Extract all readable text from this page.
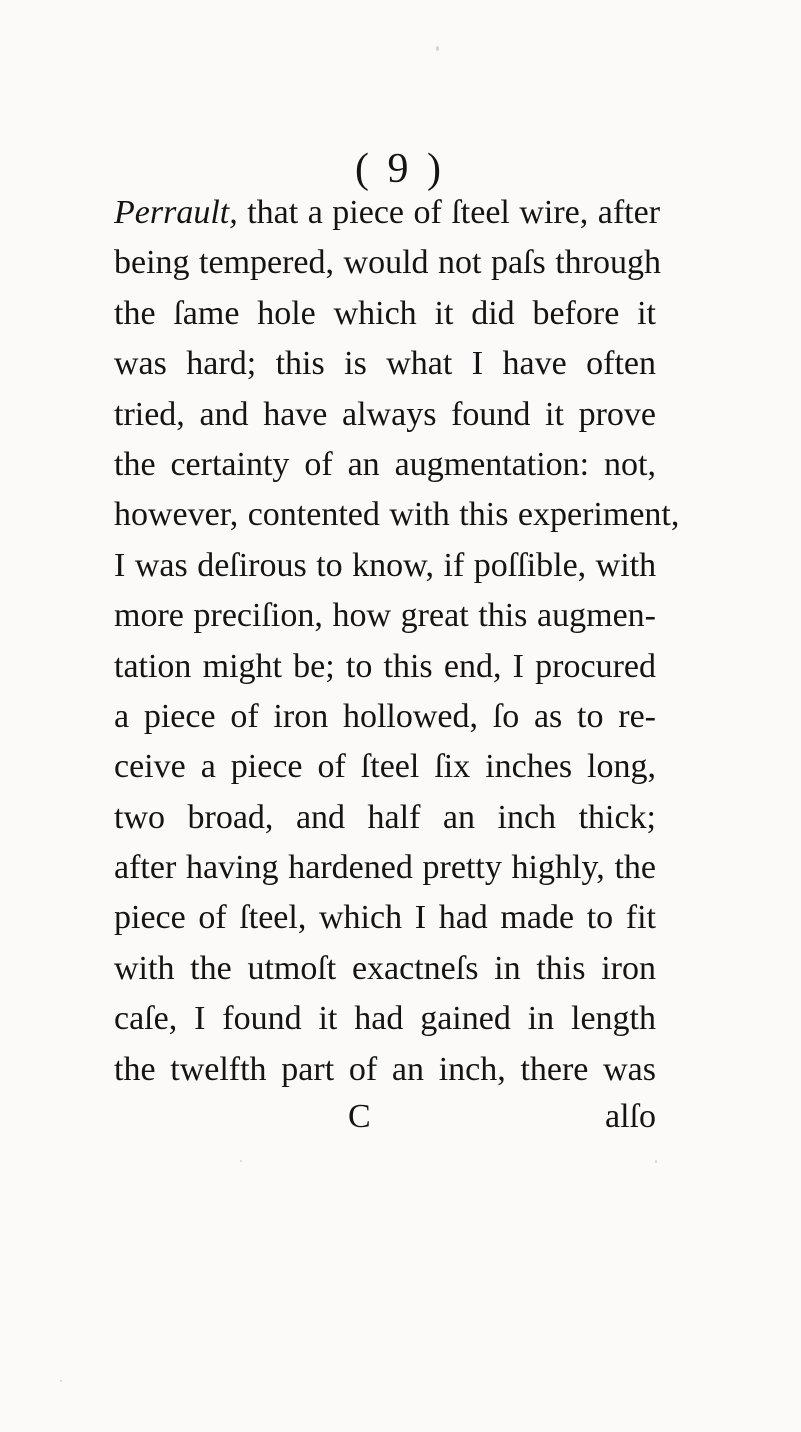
( 9 )
Perrault, that a piece of ſteel wire, after
being tempered, would not paſs through
the ſame hole which it did before it
was hard; this is what I have often
tried, and have always found it prove
the certainty of an augmentation: not,
however, contented with this experiment,
I was deſirous to know, if poſſible, with
more preciſion, how great this augmen-
tation might be; to this end, I procured
a piece of iron hollowed, ſo as to re-
ceive a piece of ſteel ſix inches long,
two broad, and half an inch thick;
after having hardened pretty highly, the
piece of ſteel, which I had made to fit
with the utmoſt exactneſs in this iron
caſe, I found it had gained in length
the twelfth part of an inch, there was
C	alſo
